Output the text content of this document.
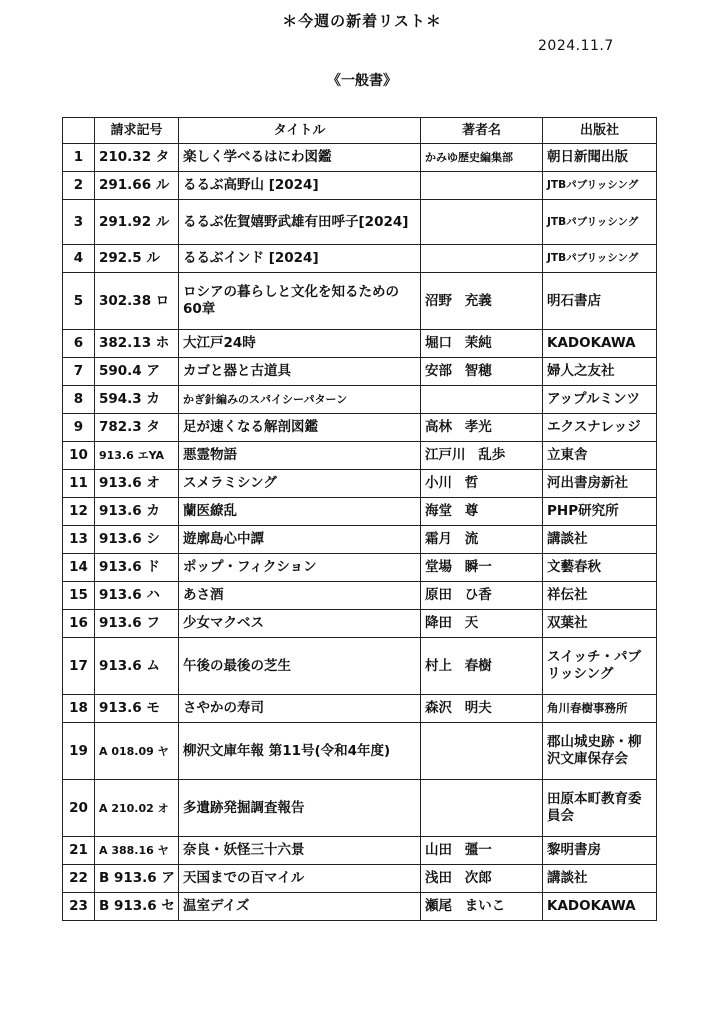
＊今週の新着リスト＊
2024.11.7
《一般書》
	請求記号	タイトル	著者名	出版社
1	210.32 タ	楽しく学べるはにわ図鑑	かみゆ歴史編集部	朝日新聞出版
2	291.66 ル	るるぶ高野山 [2024]		JTBパブリッシング
3	291.92 ル	るるぶ佐賀嬉野武雄有田呼子[2024]		JTBパブリッシング
4	292.5 ル	るるぶインド [2024]		JTBパブリッシング
5	302.38 ロ	ロシアの暮らしと文化を知るための60章	沼野 充義	明石書店
6	382.13 ホ	大江戸24時	堀口 茉純	KADOKAWA
7	590.4 ア	カゴと器と古道具	安部 智穂	婦人之友社
8	594.3 カ	かぎ針編みのスパイシーパターン		アップルミンツ
9	782.3 タ	足が速くなる解剖図鑑	高林 孝光	エクスナレッジ
10	913.6 エYA	悪霊物語	江戸川 乱歩	立東舎
11	913.6 オ	スメラミシング	小川 哲	河出書房新社
12	913.6 カ	蘭医繚乱	海堂 尊	PHP研究所
13	913.6 シ	遊廓島心中譚	霜月 流	講談社
14	913.6 ド	ポップ・フィクション	堂場 瞬一	文藝春秋
15	913.6 ハ	あさ酒	原田 ひ香	祥伝社
16	913.6 フ	少女マクベス	降田 天	双葉社
17	913.6 ム	午後の最後の芝生	村上 春樹	スイッチ・パブリッシング
18	913.6 モ	さやかの寿司	森沢 明夫	角川春樹事務所
19	A 018.09 ヤ	柳沢文庫年報 第11号(令和4年度)		郡山城史跡・柳沢文庫保存会
20	A 210.02 オ	多遺跡発掘調査報告		田原本町教育委員会
21	A 388.16 ヤ	奈良・妖怪三十六景	山田 彊一	黎明書房
22	B 913.6 ア	天国までの百マイル	浅田 次郎	講談社
23	B 913.6 セ	温室デイズ	瀬尾 まいこ	KADOKAWA
